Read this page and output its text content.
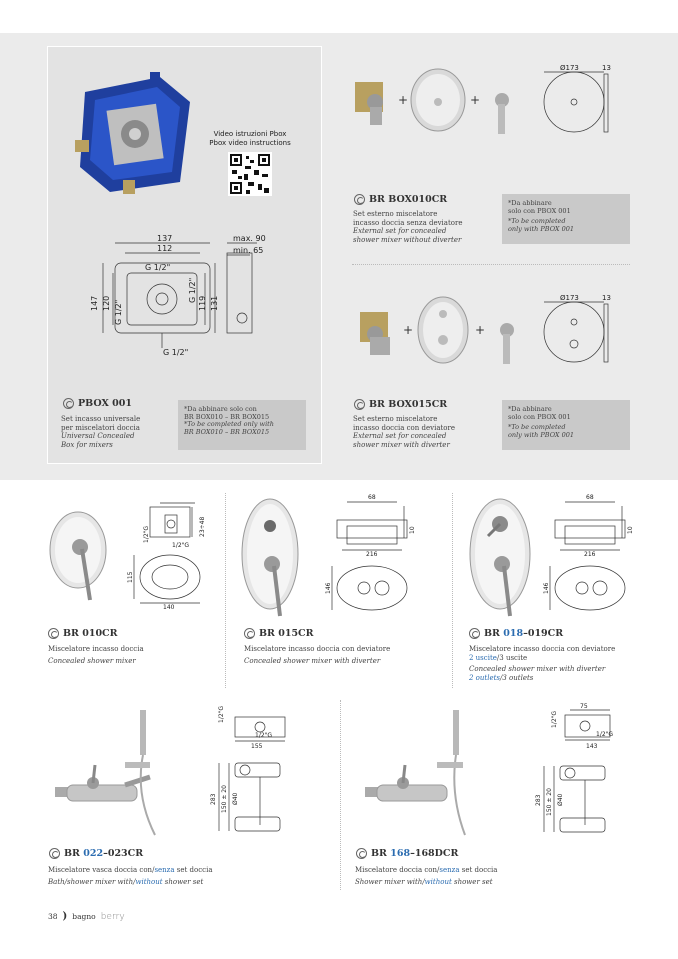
Video istruzioni Pbox
Pbox video instructions
137
112
max. 90
min. 65
G 1/2"
G 1/2"
147 120 G 1/2"
G 1/2"
119 131
PBOX 001
Set incasso universale
per miscelatori doccia
Universal Concealed
Box for mixers
*Da abbinare solo con
BR BOX010 – BR BOX015
*To be completed only with
BR BOX010 – BR BOX015
+	+
Ø173	13
BR BOX010CR
Set esterno miscelatore
incasso doccia senza deviatore
External set for concealed
shower mixer without diverter
*Da abbinare
solo con PBOX 001
*To be completed
only with PBOX 001
+	+
Ø173	13
BR BOX015CR
Set esterno miscelatore
incasso doccia con deviatore
External set for concealed
shower mixer with diverter
*Da abbinare
solo con PBOX 001
*To be completed
only with PBOX 001
1/2"G
1/2"G
23÷48
115
140
BR 010CR
Miscelatore incasso doccia
Concealed shower mixer
68
10
216
146
BR 015CR
Miscelatore incasso doccia con deviatore
Concealed shower mixer with diverter
68
10
216
146
BR 018–019CR
Miscelatore incasso doccia con deviatore
2 uscite/3 uscite
Concealed shower mixer with diverter
2 outlets/3 outlets
1/2"G
1/2"G
155
283 150 ± 20 Ø40
BR 022–023CR
Miscelatore vasca doccia con/senza set doccia
Bath/shower mixer with/without shower set
1/2"G
75
1/2"G
143
283 150 ± 20 Ø40
BR 168–168DCR
Miscelatore doccia con/senza set doccia
Shower mixer with/without shower set
38 ) bagno berry
